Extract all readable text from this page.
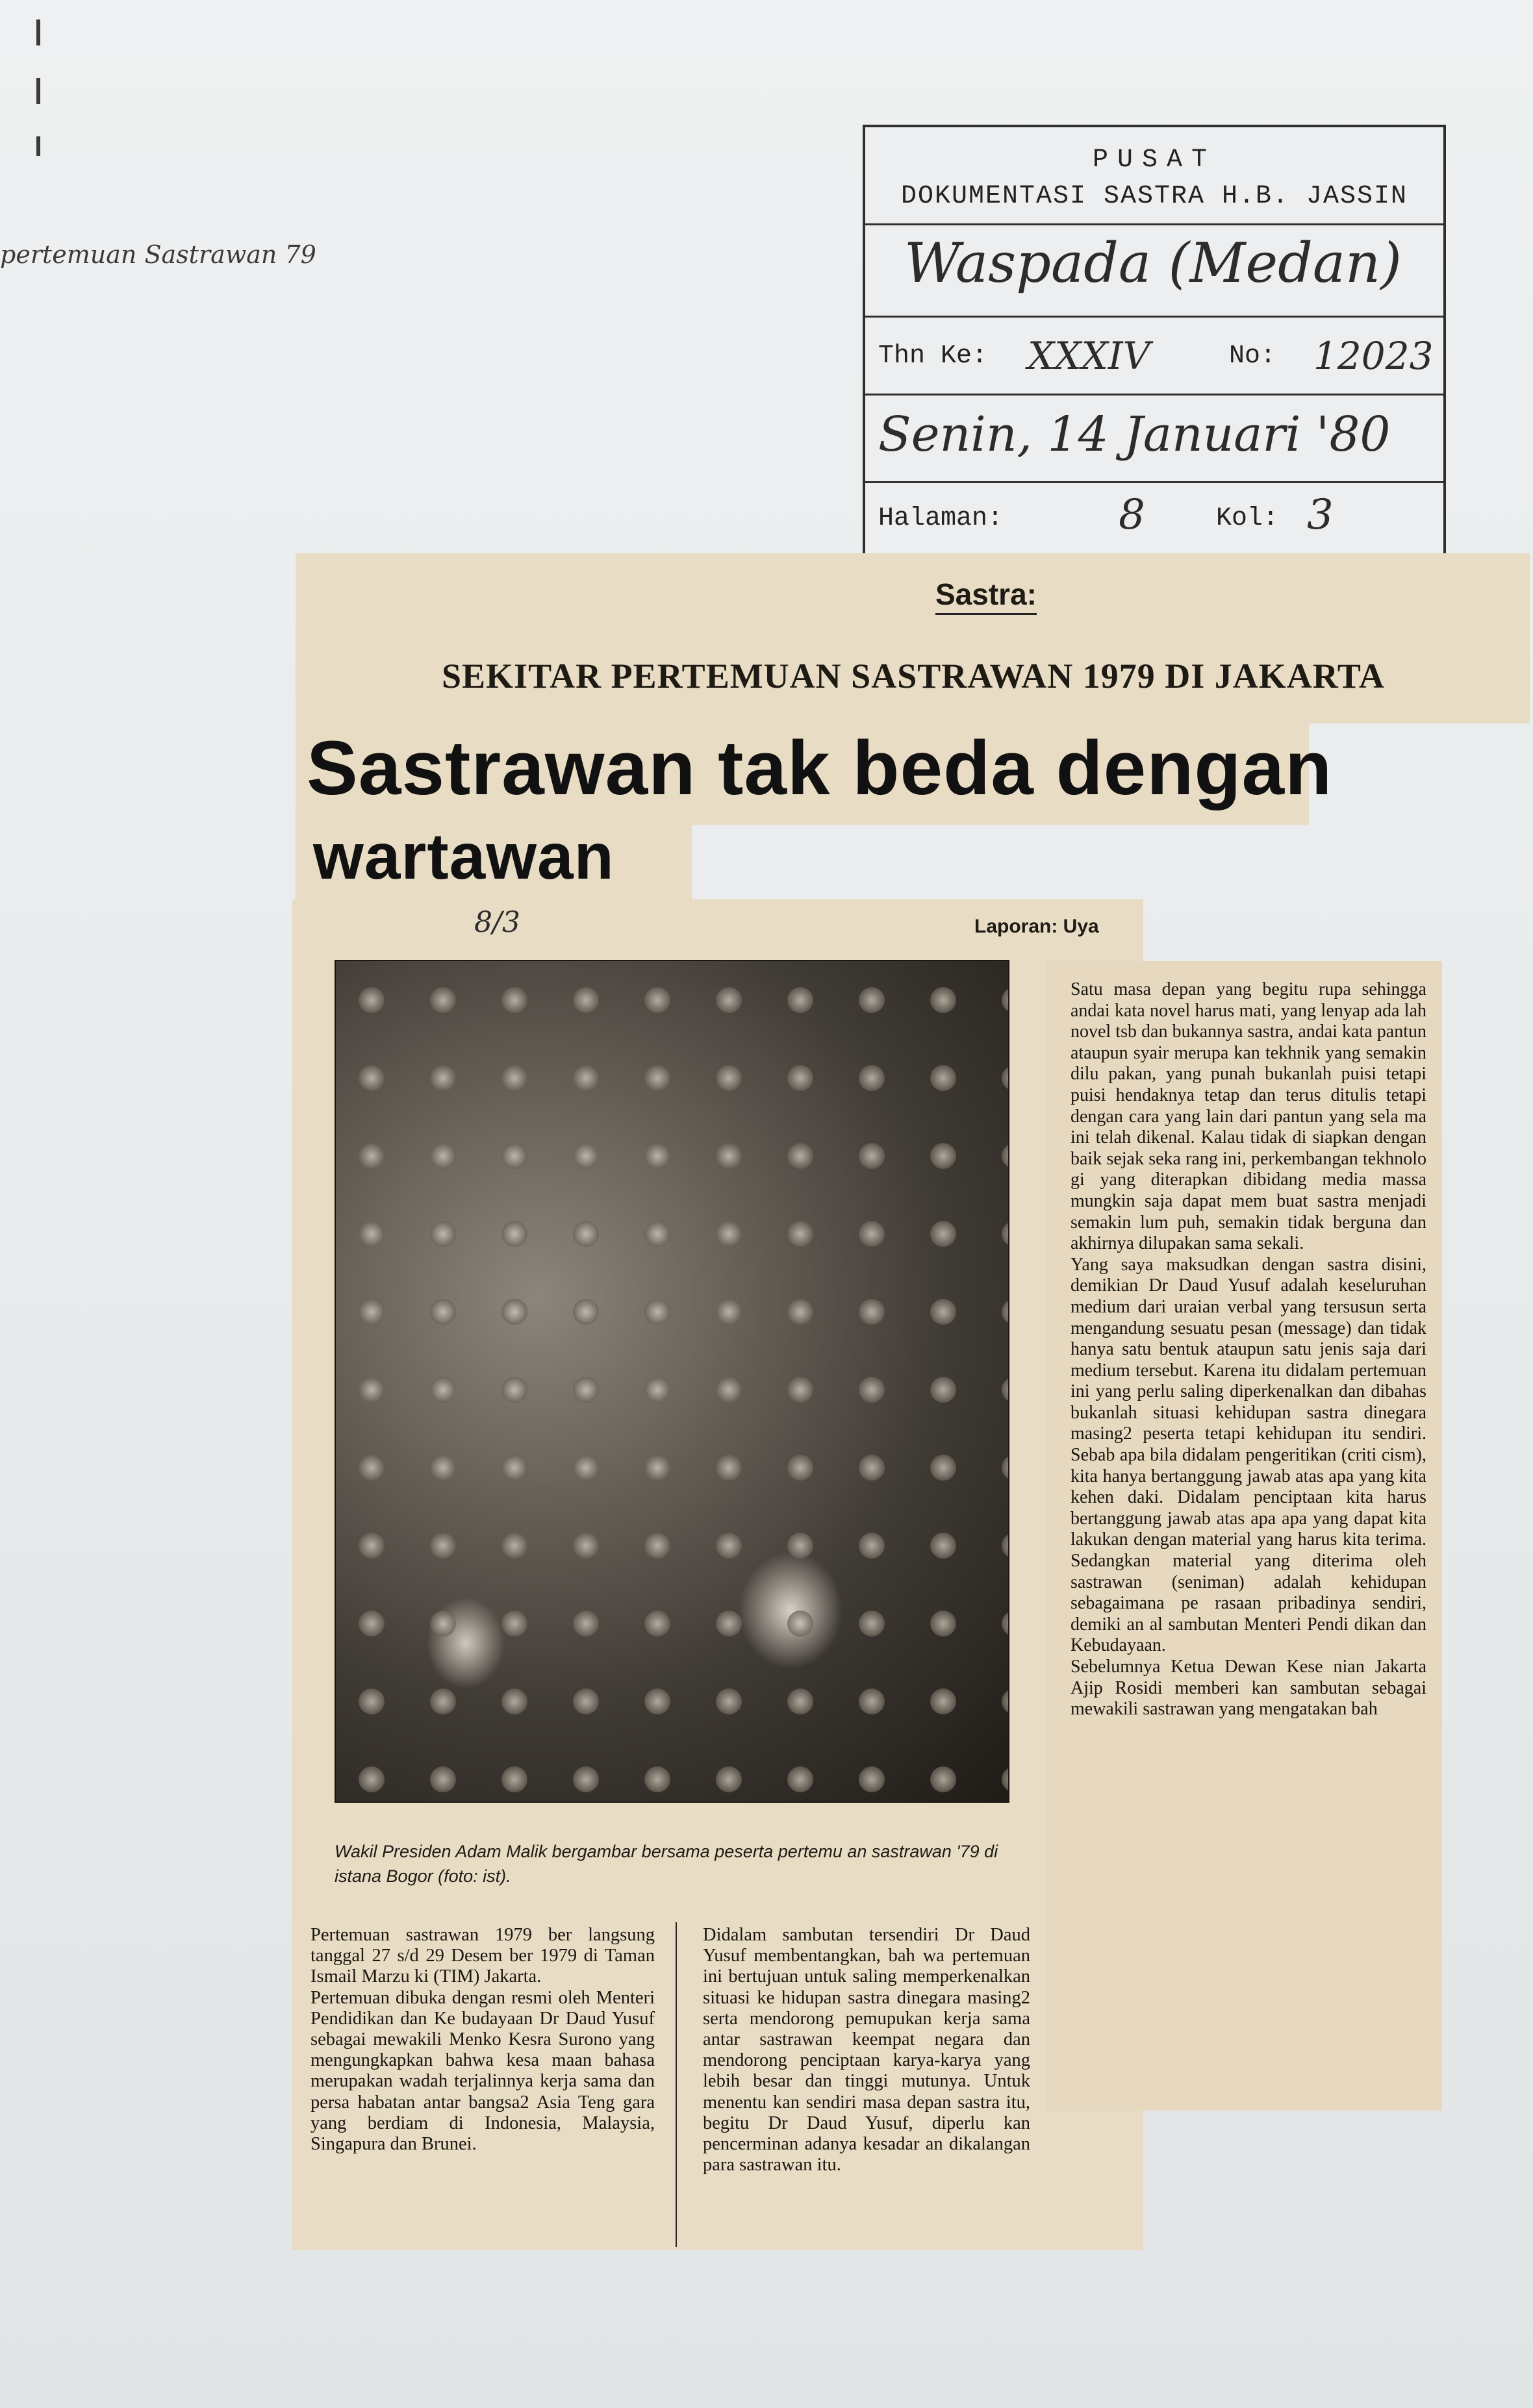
pertemuan Sastrawan 79
PUSAT
DOKUMENTASI SASTRA H.B. JASSIN
Waspada (Medan)
Thn Ke: XXXIV	No: 12023
Senin, 14 Januari '80
Halaman:	8	Kol: 3
Sastra:
SEKITAR PERTEMUAN SASTRAWAN 1979 DI JAKARTA
Sastrawan tak beda dengan
wartawan
8/3	Laporan: Uya
Wakil Presiden Adam Malik bergambar bersama peserta pertemu an sastrawan '79 di istana Bogor (foto: ist).
Pertemuan sastrawan 1979 ber langsung tanggal 27 s/d 29 Desem ber 1979 di Taman Ismail Marzu ki (TIM) Jakarta.
Pertemuan dibuka dengan resmi oleh Menteri Pendidikan dan Ke budayaan Dr Daud Yusuf sebagai mewakili Menko Kesra Surono yang mengungkapkan bahwa kesa maan bahasa merupakan wadah terjalinnya kerja sama dan persa habatan antar bangsa2 Asia Teng gara yang berdiam di Indonesia, Malaysia, Singapura dan Brunei.
Didalam sambutan tersendiri Dr Daud Yusuf membentangkan, bah wa pertemuan ini bertujuan untuk saling memperkenalkan situasi ke hidupan sastra dinegara masing2 serta mendorong pemupukan kerja sama antar sastrawan keempat negara dan mendorong penciptaan karya-karya yang lebih besar dan tinggi mutunya. Untuk menentu kan sendiri masa depan sastra itu, begitu Dr Daud Yusuf, diperlu kan pencerminan adanya kesadar an dikalangan para sastrawan itu.
Satu masa depan yang begitu rupa sehingga andai kata novel harus mati, yang lenyap ada lah novel tsb dan bukannya sastra, andai kata pantun ataupun syair merupa kan tekhnik yang semakin dilu pakan, yang punah bukanlah puisi tetapi puisi hendaknya tetap dan terus ditulis tetapi dengan cara yang lain dari pantun yang sela ma ini telah dikenal. Kalau tidak di siapkan dengan baik sejak seka rang ini, perkembangan tekhnolo gi yang diterapkan dibidang media massa mungkin saja dapat mem buat sastra menjadi semakin lum puh, semakin tidak berguna dan akhirnya dilupakan sama sekali.
Yang saya maksudkan dengan sastra disini, demikian Dr Daud Yusuf adalah keseluruhan medium dari uraian verbal yang tersusun serta mengandung sesuatu pesan (message) dan tidak hanya satu bentuk ataupun satu jenis saja dari medium tersebut. Karena itu didalam pertemuan ini yang perlu saling diperkenalkan dan dibahas bukanlah situasi kehidupan sastra dinegara masing2 peserta tetapi kehidupan itu sendiri. Sebab apa bila didalam pengeritikan (criti cism), kita hanya bertanggung jawab atas apa yang kita kehen daki. Didalam penciptaan kita harus bertanggung jawab atas apa apa yang dapat kita lakukan dengan material yang harus kita terima. Sedangkan material yang diterima oleh sastrawan (seniman) adalah kehidupan sebagaimana pe rasaan pribadinya sendiri, demiki an al sambutan Menteri Pendi dikan dan Kebudayaan.
Sebelumnya Ketua Dewan Kese nian Jakarta Ajip Rosidi memberi kan sambutan sebagai mewakili sastrawan yang mengatakan bah
